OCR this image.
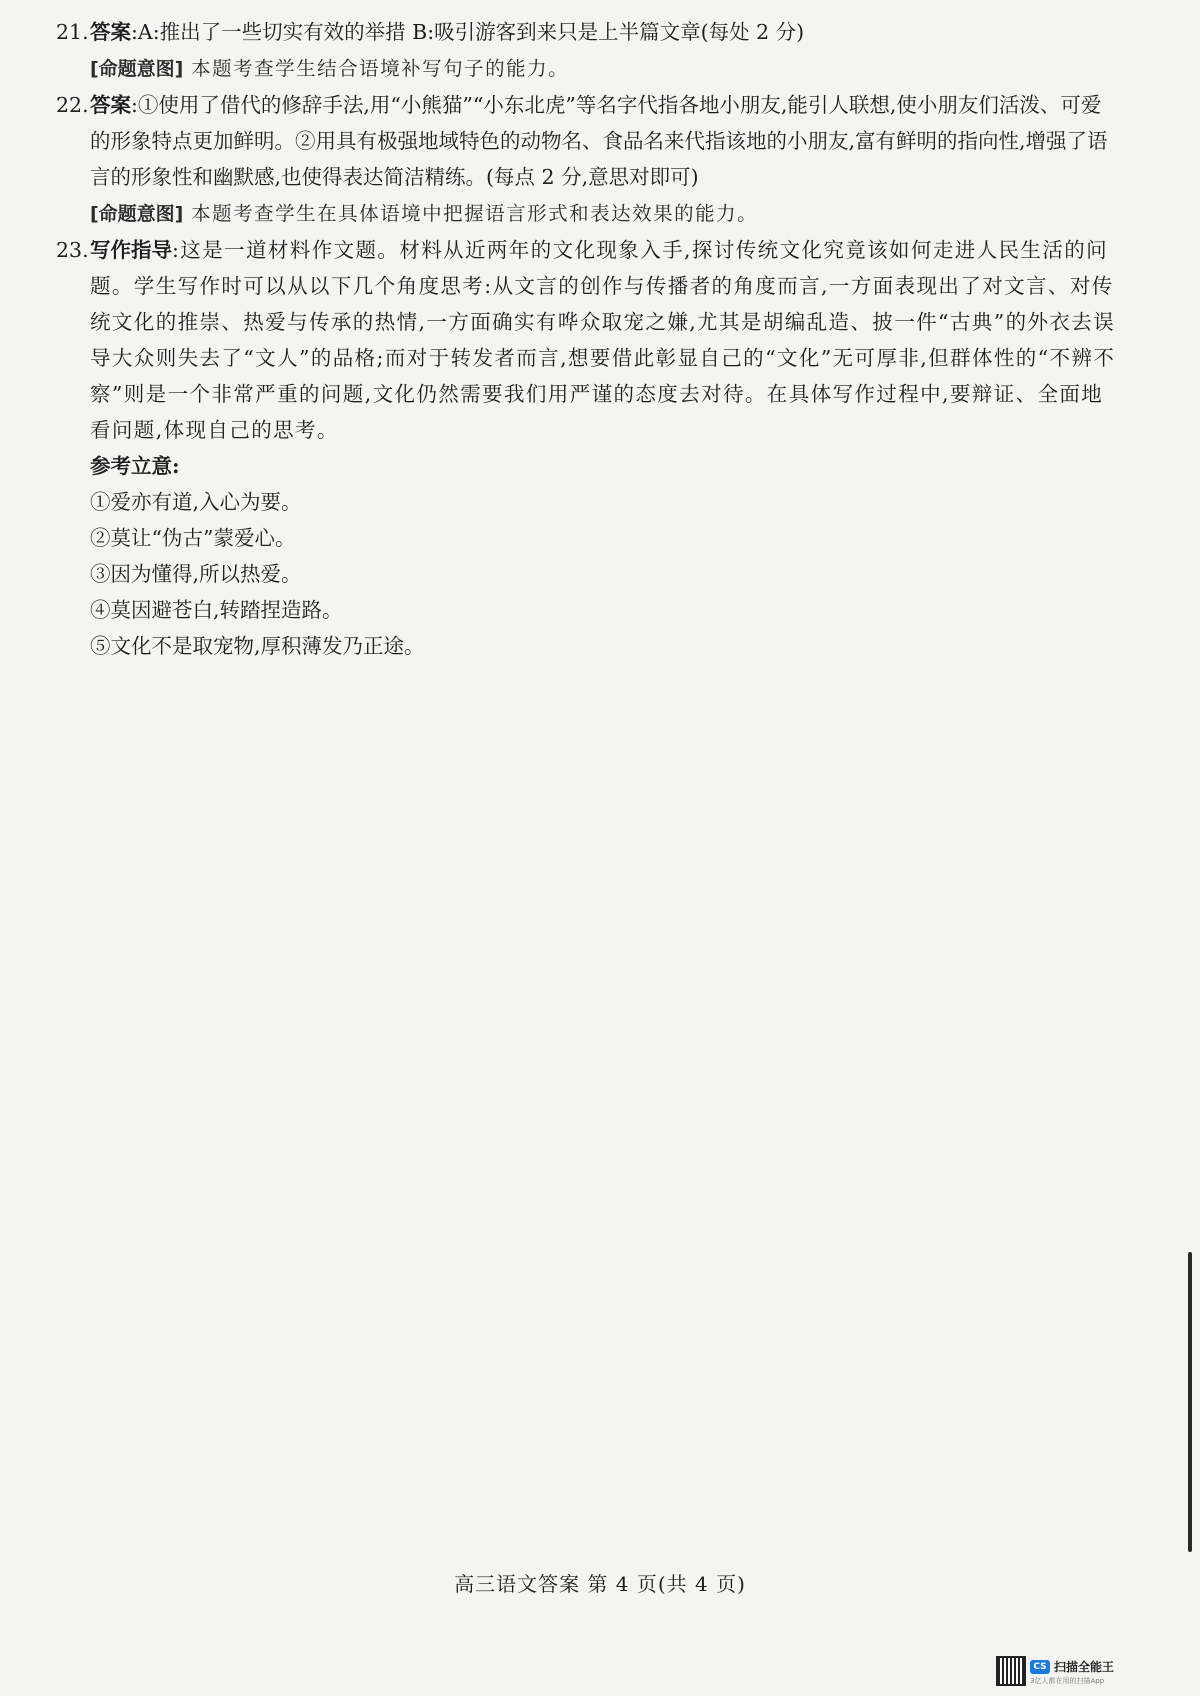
21. 答案:A:推出了一些切实有效的举措 B:吸引游客到来只是上半篇文章(每处 2 分)
[命题意图] 本题考查学生结合语境补写句子的能力。
22. 答案:①使用了借代的修辞手法,用“小熊猫”“小东北虎”等名字代指各地小朋友,能引人联想,使小朋友们活泼、可爱的形象特点更加鲜明。②用具有极强地域特色的动物名、食品名来代指该地的小朋友,富有鲜明的指向性,增强了语言的形象性和幽默感,也使得表达简洁精练。(每点 2 分,意思对即可)
[命题意图] 本题考查学生在具体语境中把握语言形式和表达效果的能力。
23. 写作指导:这是一道材料作文题。材料从近两年的文化现象入手,探讨传统文化究竟该如何走进人民生活的问题。学生写作时可以从以下几个角度思考:从文言的创作与传播者的角度而言,一方面表现出了对文言、对传统文化的推崇、热爱与传承的热情,一方面确实有哗众取宠之嫌,尤其是胡编乱造、披一件“古典”的外衣去误导大众则失去了“文人”的品格;而对于转发者而言,想要借此彰显自己的“文化”无可厚非,但群体性的“不辨不察”则是一个非常严重的问题,文化仍然需要我们用严谨的态度去对待。在具体写作过程中,要辩证、全面地看问题,体现自己的思考。
参考立意:
①爱亦有道,入心为要。
②莫让“伪古”蒙爱心。
③因为懂得,所以热爱。
④莫因避苍白,转踏捏造路。
⑤文化不是取宠物,厚积薄发乃正途。
高三语文答案 第 4 页(共 4 页)
CS 扫描全能王
3亿人都在用的扫描App
